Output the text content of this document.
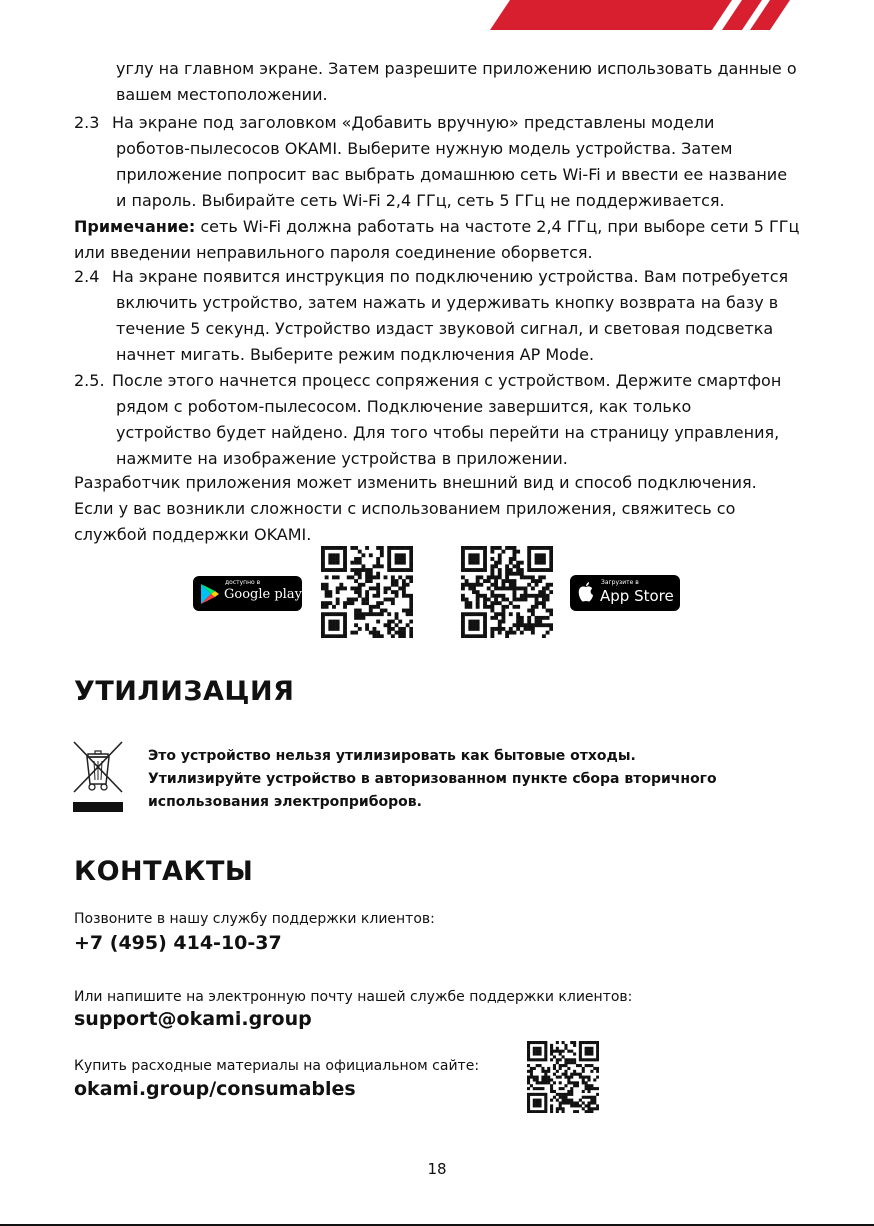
углу на главном экране. Затем разрешите приложению использовать данные о
вашем местоположении.
2.3 На экране под заголовком «Добавить вручную» представлены модели
роботов-пылесосов OKAMI. Выберите нужную модель устройства. Затем
приложение попросит вас выбрать домашнюю сеть Wi-Fi и ввести ее название
и пароль. Выбирайте сеть Wi-Fi 2,4 ГГц, сеть 5 ГГц не поддерживается.
Примечание: сеть Wi-Fi должна работать на частоте 2,4 ГГц, при выборе сети 5 ГГц
или введении неправильного пароля соединение оборвется.
2.4 На экране появится инструкция по подключению устройства. Вам потребуется
включить устройство, затем нажать и удерживать кнопку возврата на базу в
течение 5 секунд. Устройство издаст звуковой сигнал, и световая подсветка
начнет мигать. Выберите режим подключения AP Mode.
2.5. После этого начнется процесс сопряжения с устройством. Держите смартфон
рядом с роботом-пылесосом. Подключение завершится, как только
устройство будет найдено. Для того чтобы перейти на страницу управления,
нажмите на изображение устройства в приложении.
Разработчик приложения может изменить внешний вид и способ подключения.
Если у вас возникли сложности с использованием приложения, свяжитесь со
службой поддержки OKAMI.
доступно в
Google play
Загрузите в
App Store
УТИЛИЗАЦИЯ
Это устройство нельзя утилизировать как бытовые отходы.
Утилизируйте устройство в авторизованном пункте сбора вторичного
использования электроприборов.
КОНТАКТЫ
Позвоните в нашу службу поддержки клиентов:
+7 (495) 414-10-37
Или напишите на электронную почту нашей службе поддержки клиентов:
support@okami.group
Купить расходные материалы на официальном сайте:
okami.group/consumables
18
